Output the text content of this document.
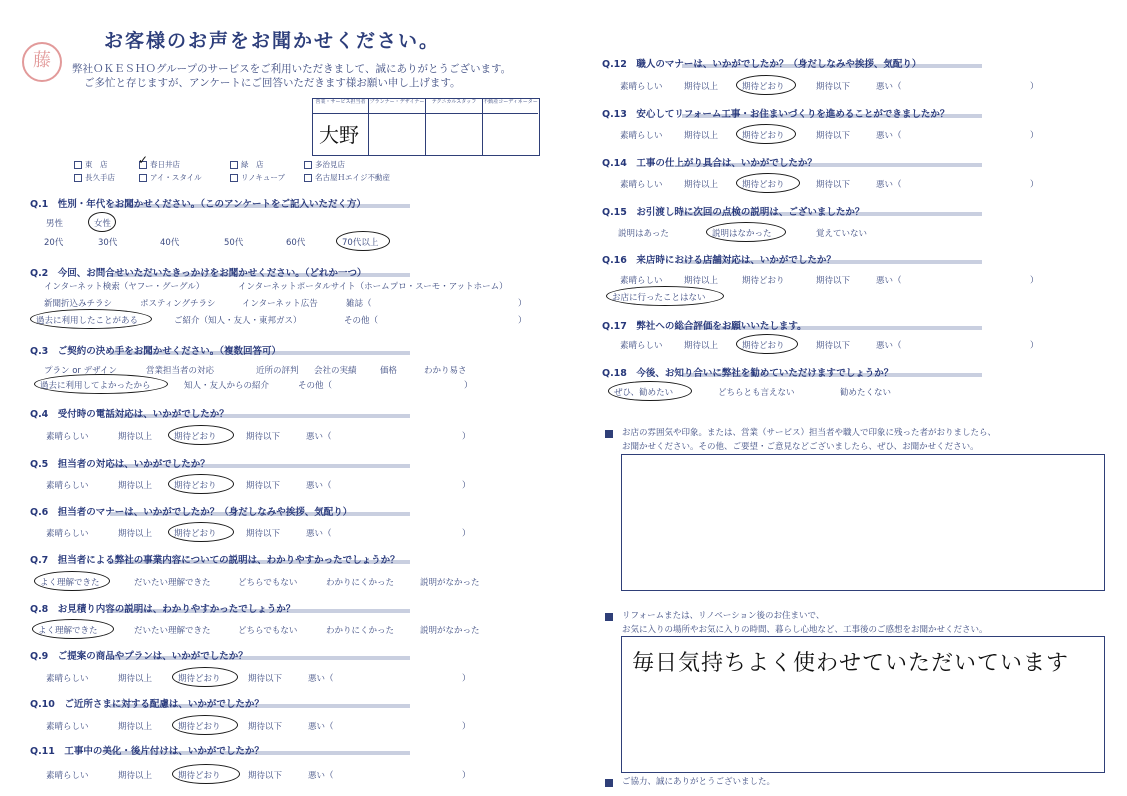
藤
お客様のお声をお聞かせください。
弊社ＯＫＥＳＨＯグループのサービスをご利用いただきまして、誠にありがとうございます。
ご多忙と存じますが、アンケートにご回答いただきます様お願い申し上げます。
営業・サービス担当者 プランナー・デザイナー	テクニカルスタッフ	不動産コーディネーター
大野
東　店	春日井店	緑　店	多治見店
長久手店	アイ・スタイル	リノキューブ	名古屋Ｈエイジ不動産
✓
Q.1　性別・年代をお聞かせください。（このアンケートをご記入いただく方）
男性	女性
20代	30代	40代	50代	60代	70代以上
Q.2　今回、お問合せいただいたきっかけをお聞かせください。（どれか一つ）
インターネット検索（ヤフー・グーグル）	インターネットポータルサイト（ホームプロ・スーモ・アットホーム）
新聞折込みチラシ	ポスティングチラシ	インターネット広告	雑誌（	）
過去に利用したことがある	ご紹介（知人・友人・東邦ガス）	その他（	）
Q.3　ご契約の決め手をお聞かせください。（複数回答可）
プラン or デザイン	営業担当者の対応	近所の評判 会社の実績	価格	わかり易さ
過去に利用してよかったから	知人・友人からの紹介	その他（	）
Q.4　受付時の電話対応は、いかがでしたか？
素晴らしい	期待以上	期待どおり	期待以下	悪い（	）
Q.5　担当者の対応は、いかがでしたか？
素晴らしい	期待以上	期待どおり	期待以下	悪い（	）
Q.6　担当者のマナーは、いかがでしたか？（身だしなみや挨拶、気配り）
素晴らしい	期待以上	期待どおり	期待以下	悪い（	）
Q.7　担当者による弊社の事業内容についての説明は、わかりやすかったでしょうか？
よく理解できた	だいたい理解できた	どちらでもない	わかりにくかった	説明がなかった
Q.8　お見積り内容の説明は、わかりやすかったでしょうか？
よく理解できた	だいたい理解できた	どちらでもない	わかりにくかった	説明がなかった
Q.9　ご提案の商品やプランは、いかがでしたか？
素晴らしい	期待以上	期待どおり	期待以下	悪い（	）
Q.10　ご近所さまに対する配慮は、いかがでしたか？
素晴らしい	期待以上	期待どおり	期待以下	悪い（	）
Q.11　工事中の美化・後片付けは、いかがでしたか？
素晴らしい	期待以上	期待どおり	期待以下	悪い（	）
Q.12　職人のマナーは、いかがでしたか？（身だしなみや挨拶、気配り）
素晴らしい	期待以上	期待どおり	期待以下	悪い（	）
Q.13　安心してリフォーム工事・お住まいづくりを進めることができましたか？
素晴らしい	期待以上	期待どおり	期待以下	悪い（	）
Q.14　工事の仕上がり具合は、いかがでしたか？
素晴らしい	期待以上	期待どおり	期待以下	悪い（	）
Q.15　お引渡し時に次回の点検の説明は、ございましたか？
説明はあった	説明はなかった	覚えていない
Q.16　来店時における店舗対応は、いかがでしたか？
素晴らしい	期待以上	期待どおり	期待以下	悪い（	）
お店に行ったことはない
Q.17　弊社への総合評価をお願いいたします。
素晴らしい	期待以上	期待どおり	期待以下	悪い（	）
Q.18　今後、お知り合いに弊社を勧めていただけますでしょうか？
ぜひ、勧めたい	どちらとも言えない	勧めたくない
お店の雰囲気や印象。または、営業（サービス）担当者や職人で印象に残った者がおりましたら、
お聞かせください。その他、ご要望・ご意見などございましたら、ぜひ、お聞かせください。
リフォームまたは、リノベーション後のお住まいで、
お気に入りの場所やお気に入りの時間、暮らし心地など、工事後のご感想をお聞かせください。
毎日気持ちよく使わせていただいています
ご協力、誠にありがとうございました。
